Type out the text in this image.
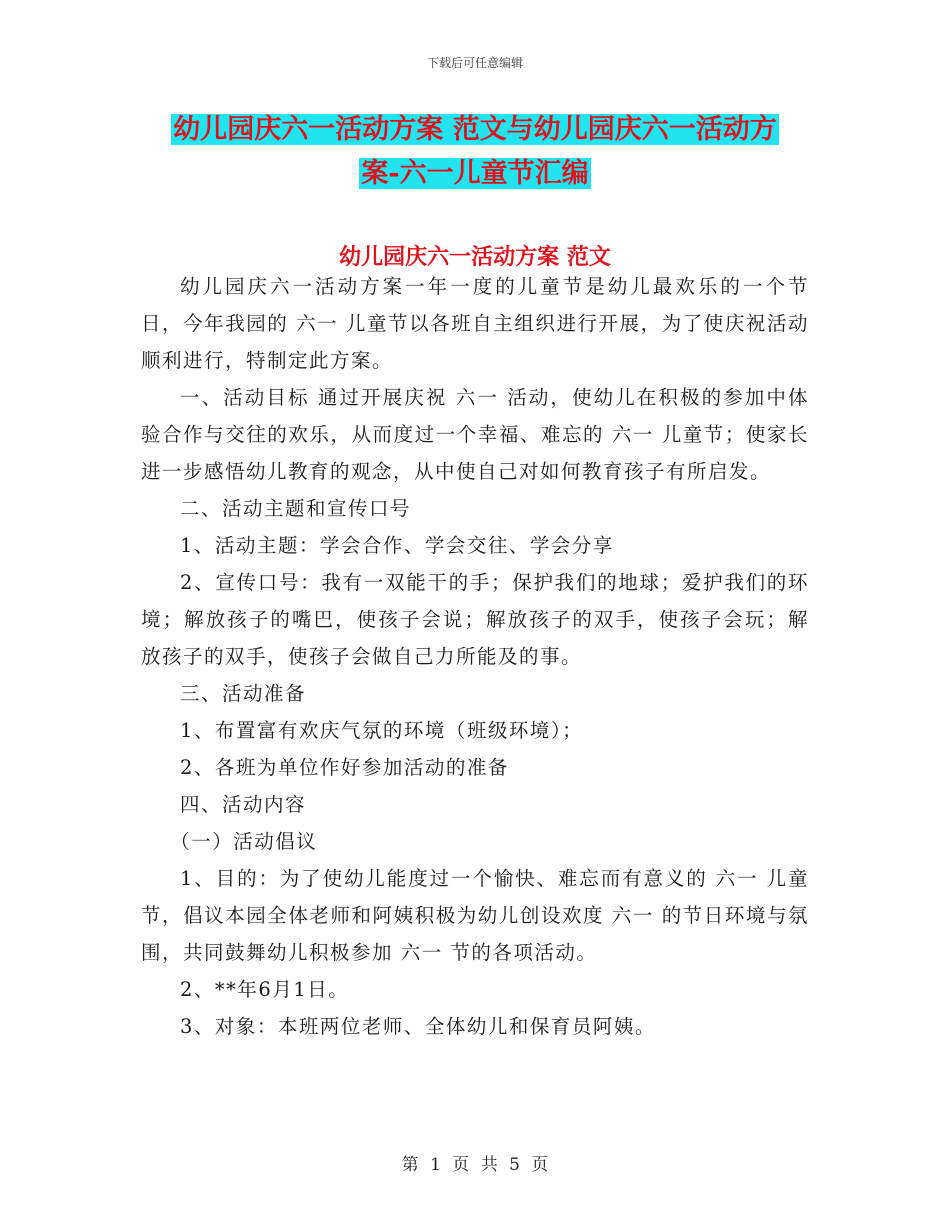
下载后可任意编辑
幼儿园庆六一活动方案 范文与幼儿园庆六一活动方
案-六一儿童节汇编
幼儿园庆六一活动方案 范文

幼儿园庆六一活动方案一年一度的儿童节是幼儿最欢乐的一个节日，今年我园的 六一 儿童节以各班自主组织进行开展，为了使庆祝活动顺利进行，特制定此方案。

一、活动目标 通过开展庆祝 六一 活动，使幼儿在积极的参加中体验合作与交往的欢乐，从而度过一个幸福、难忘的 六一 儿童节；使家长进一步感悟幼儿教育的观念，从中使自己对如何教育孩子有所启发。

二、活动主题和宣传口号

1、活动主题：学会合作、学会交往、学会分享

2、宣传口号：我有一双能干的手；保护我们的地球；爱护我们的环境；解放孩子的嘴巴，使孩子会说；解放孩子的双手，使孩子会玩；解放孩子的双手，使孩子会做自己力所能及的事。

三、活动准备

1、布置富有欢庆气氛的环境（班级环境）；

2、各班为单位作好参加活动的准备

四、活动内容

（一）活动倡议

1、目的：为了使幼儿能度过一个愉快、难忘而有意义的 六一 儿童节，倡议本园全体老师和阿姨积极为幼儿创设欢度 六一 的节日环境与氛围，共同鼓舞幼儿积极参加 六一 节的各项活动。

2、**年6月1日。

3、对象：本班两位老师、全体幼儿和保育员阿姨。

第 1 页 共 5 页
